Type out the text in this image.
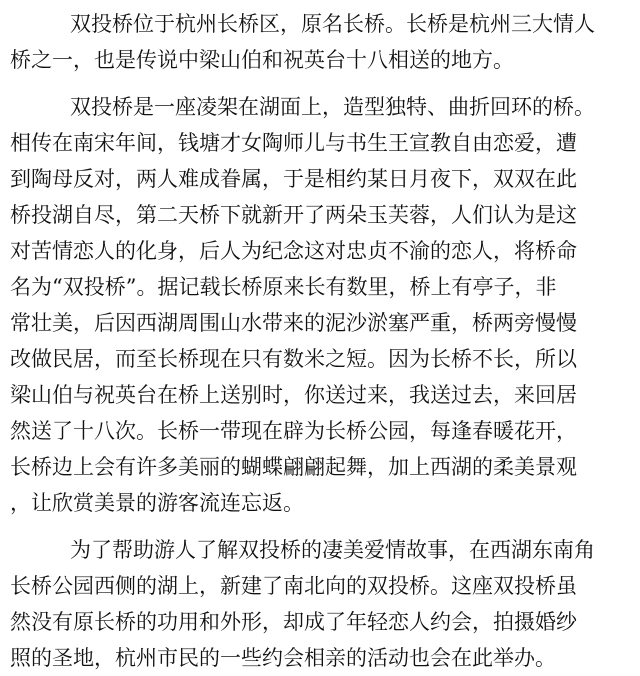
双投桥位于杭州长桥区，原名长桥。长桥是杭州三大情人
桥之一，也是传说中梁山伯和祝英台十八相送的地方。
双投桥是一座凌架在湖面上，造型独特、曲折回环的桥。
相传在南宋年间，钱塘才女陶师儿与书生王宣教自由恋爱，遭
到陶母反对，两人难成眷属，于是相约某日月夜下，双双在此
桥投湖自尽，第二天桥下就新开了两朵玉芙蓉，人们认为是这
对苦情恋人的化身，后人为纪念这对忠贞不渝的恋人，将桥命
名为“双投桥”。据记载长桥原来长有数里，桥上有亭子，非
常壮美，后因西湖周围山水带来的泥沙淤塞严重，桥两旁慢慢
改做民居，而至长桥现在只有数米之短。因为长桥不长，所以
梁山伯与祝英台在桥上送别时，你送过来，我送过去，来回居
然送了十八次。长桥一带现在辟为长桥公园，每逢春暖花开，
长桥边上会有许多美丽的蝴蝶翩翩起舞，加上西湖的柔美景观
，让欣赏美景的游客流连忘返。
为了帮助游人了解双投桥的凄美爱情故事，在西湖东南角
长桥公园西侧的湖上，新建了南北向的双投桥。这座双投桥虽
然没有原长桥的功用和外形，却成了年轻恋人约会，拍摄婚纱
照的圣地，杭州市民的一些约会相亲的活动也会在此举办。
